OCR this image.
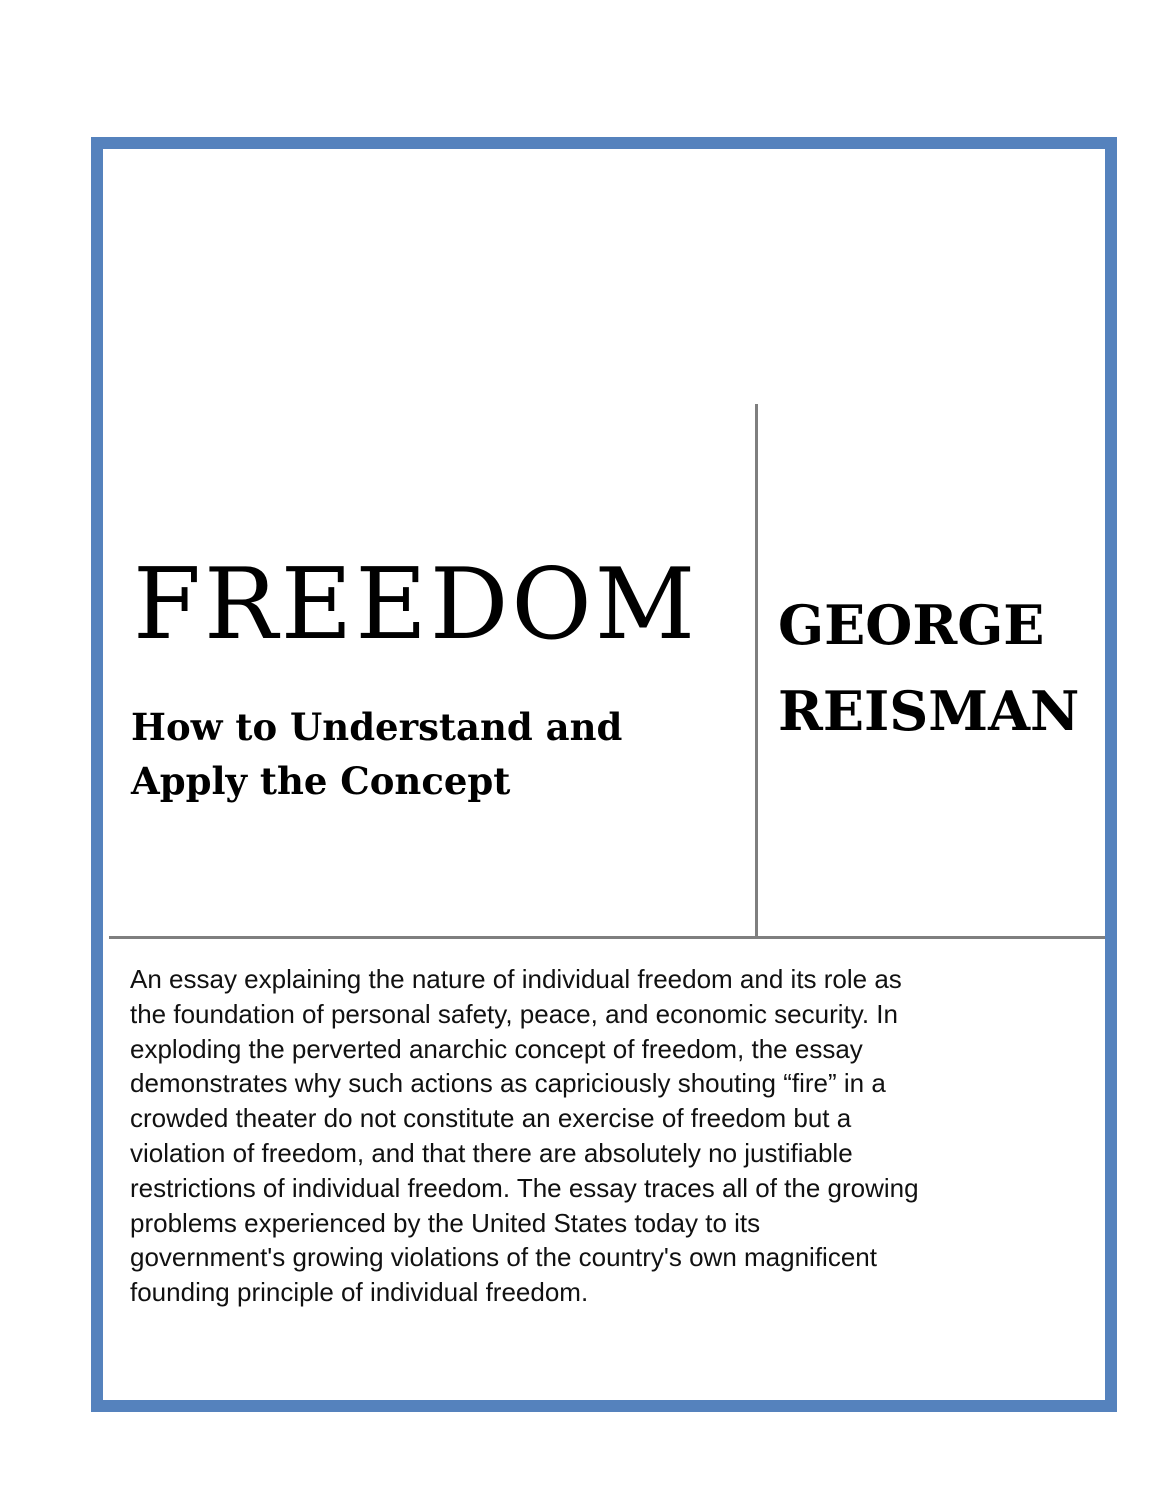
FREEDOM
How to Understand and Apply the Concept
GEORGE
REISMAN

An essay explaining the nature of individual freedom and its role as the foundation of personal safety, peace, and economic security. In exploding the perverted anarchic concept of freedom, the essay demonstrates why such actions as capriciously shouting “fire” in a crowded theater do not constitute an exercise of freedom but a violation of freedom, and that there are absolutely no justifiable restrictions of individual freedom. The essay traces all of the growing problems experienced by the United States today to its government's growing violations of the country's own magnificent founding principle of individual freedom.
